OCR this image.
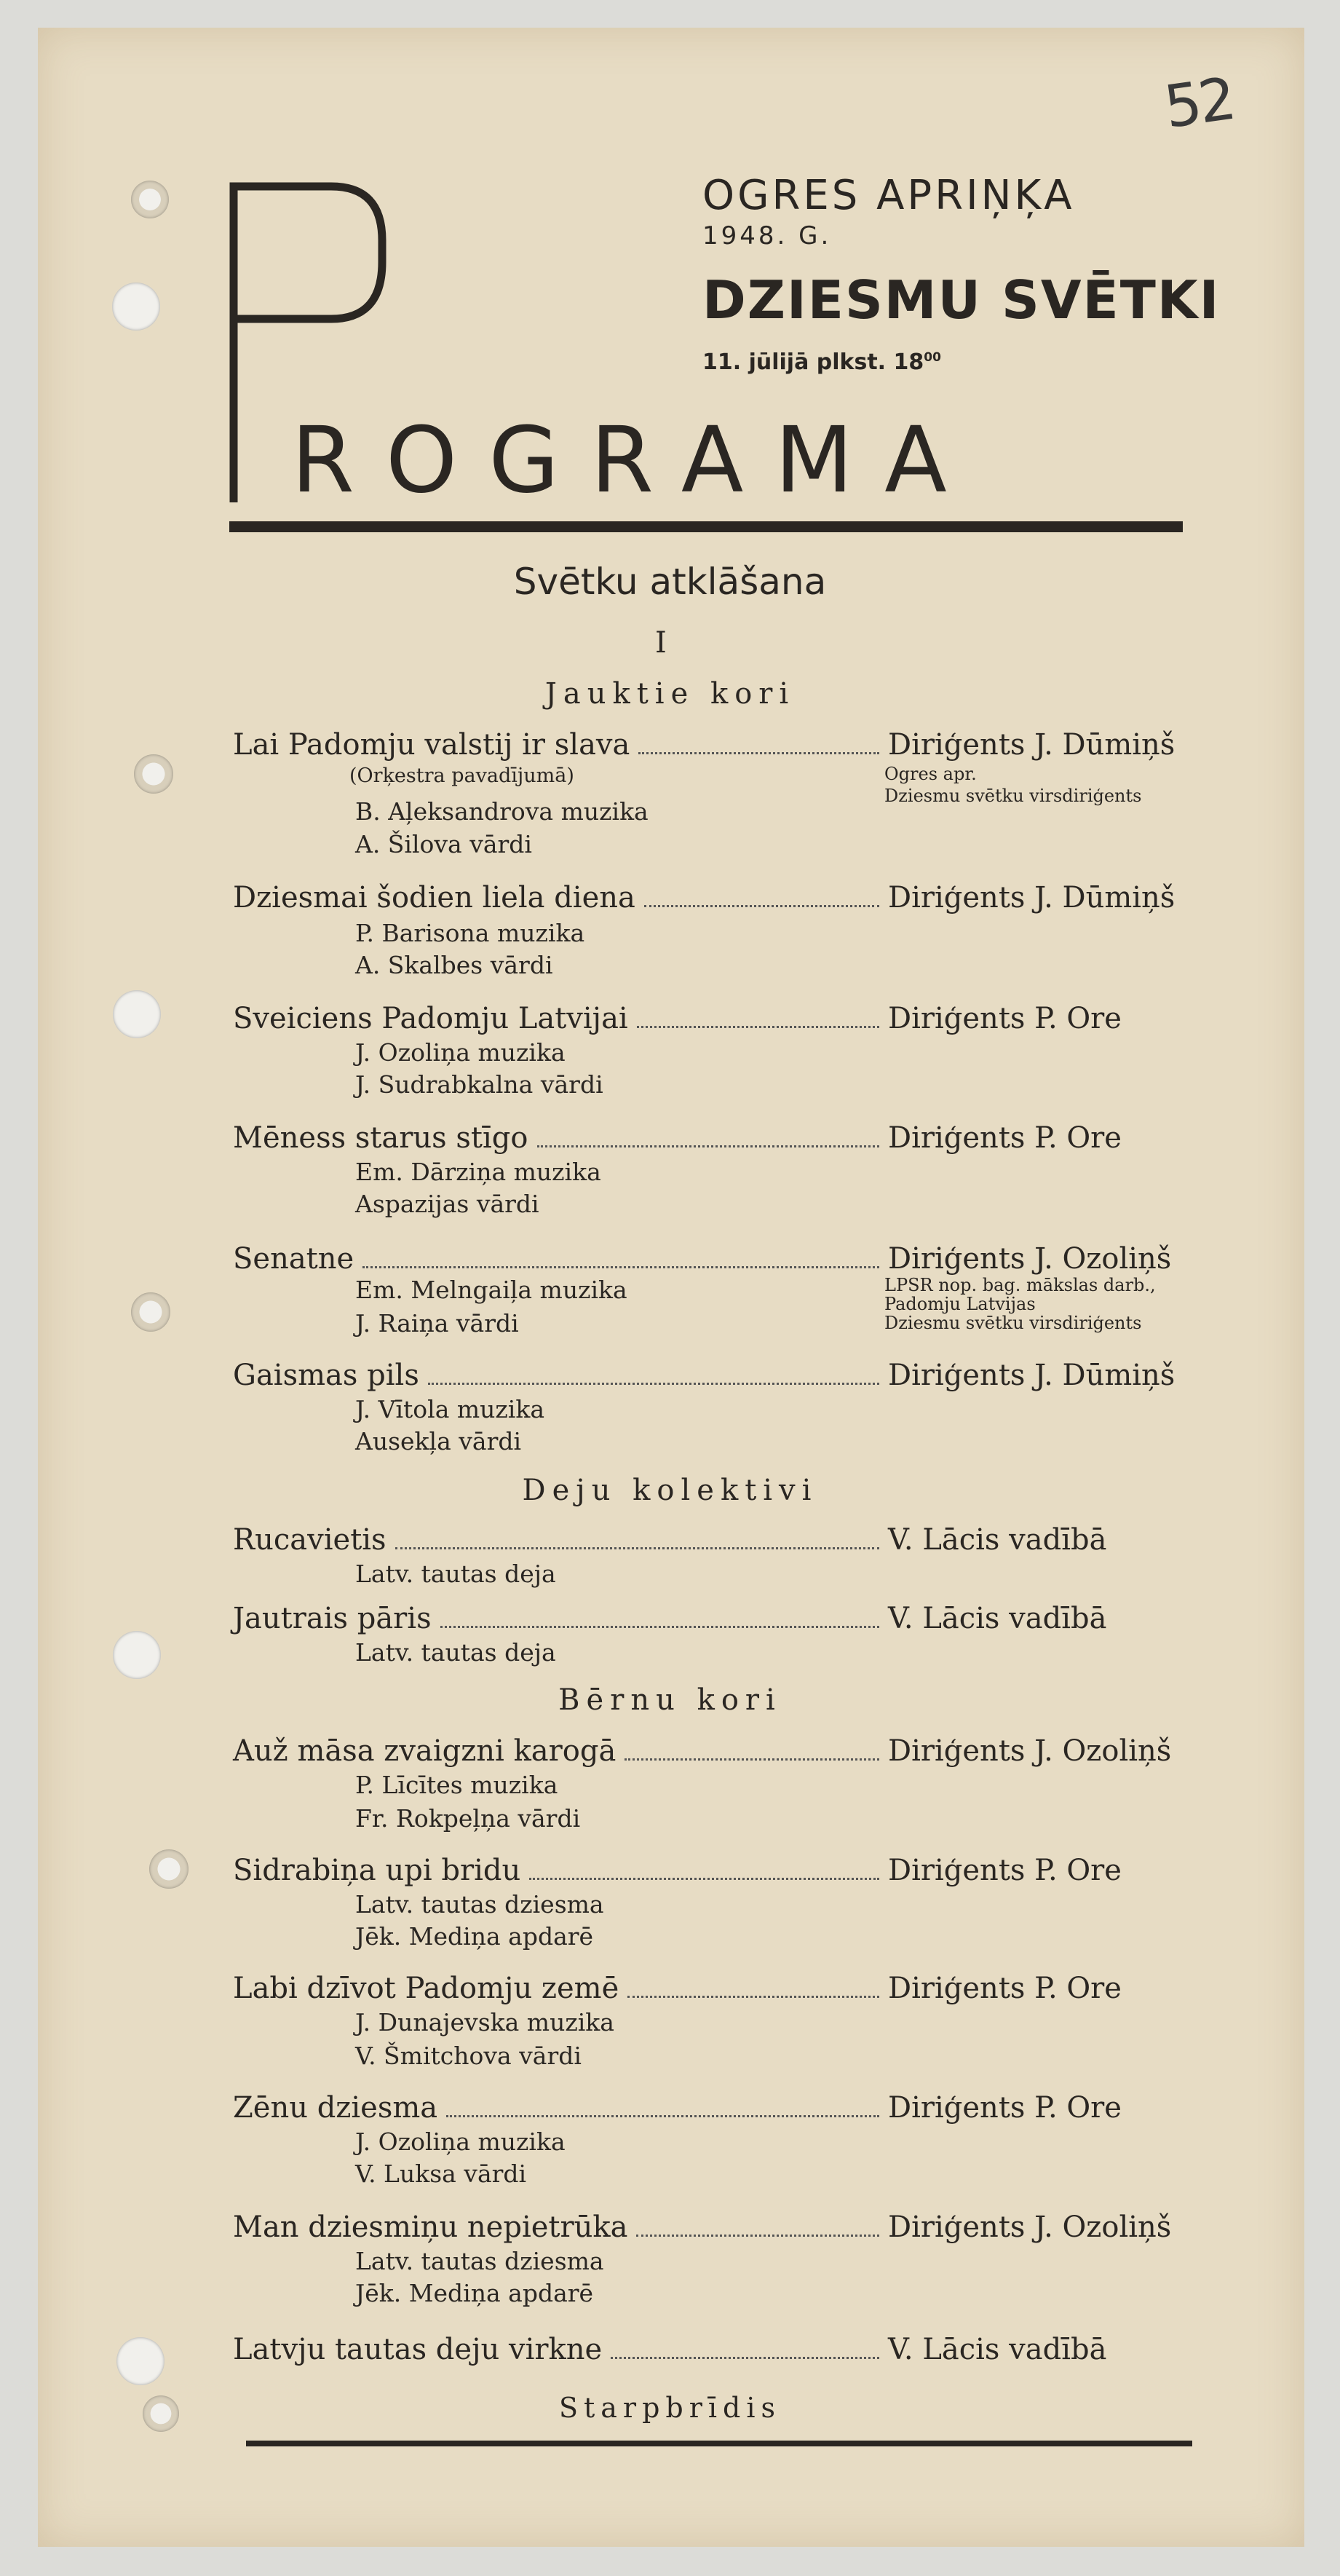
52
P	OGRES APRIŅĶA
1948. G.
DZIESMU SVĒTKI
11. jūlijā plkst. $18^{00}$
ROGRAMA
Svētku atklāšana
I
Jauktie kori
Lai Padomju valstij ir slava	Diriģents J. Dūmiņš
(Orķestra pavadījumā)
B. Aļeksandrova muzika
A. Šilova vārdi
Ogres apr.
Dziesmu svētku virsdiriģents
Dziesmai šodien liela diena	Diriģents J. Dūmiņš
P. Barisona muzika
A. Skalbes vārdi
Sveiciens Padomju Latvijai	Diriģents P. Ore
J. Ozoliņa muzika
J. Sudrabkalna vārdi
Mēness starus stīgo	Diriģents P. Ore
Em. Dārziņa muzika
Aspazijas vārdi
Senatne	Diriģents J. Ozoliņš
Em. Melngaiļa muzika
J. Raiņa vārdi
LPSR nop. bag. mākslas darb.,
Padomju Latvijas
Dziesmu svētku virsdiriģents
Gaismas pils	Diriģents J. Dūmiņš
J. Vītola muzika
Ausekļa vārdi
Deju kolektivi
Rucavietis	V. Lācis vadībā
Latv. tautas deja
Jautrais pāris	V. Lācis vadībā
Latv. tautas deja
Bērnu kori
Auž māsa zvaigzni karogā	Diriģents J. Ozoliņš
P. Līcītes muzika
Fr. Rokpeļņa vārdi
Sidrabiņa upi bridu	Diriģents P. Ore
Latv. tautas dziesma
Jēk. Mediņa apdarē
Labi dzīvot Padomju zemē	Diriģents P. Ore
J. Dunajevska muzika
V. Šmitchova vārdi
Zēnu dziesma	Diriģents P. Ore
J. Ozoliņa muzika
V. Luksa vārdi
Man dziesmiņu nepietrūka	Diriģents J. Ozoliņš
Latv. tautas dziesma
Jēk. Mediņa apdarē
Latvju tautas deju virkne	V. Lācis vadībā
Starpbrīdis
